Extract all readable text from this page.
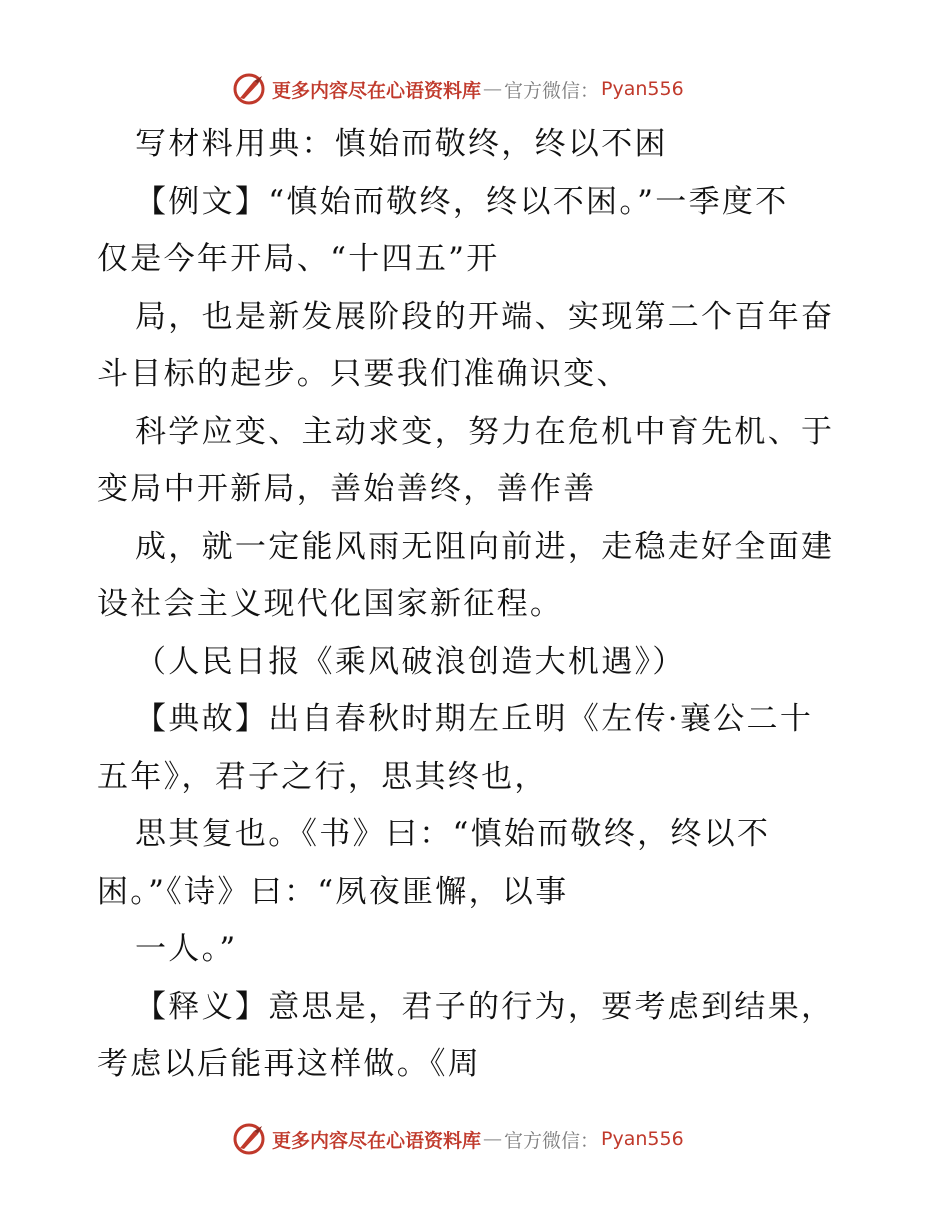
更多内容尽在心语资料库 — 官方微信： Pyan556
写材料用典：慎始而敬终，终以不困
【例文】“慎始而敬终，终以不困。”一季度不
仅是今年开局、“十四五”开
局，也是新发展阶段的开端、实现第二个百年奋
斗目标的起步。只要我们准确识变、
科学应变、主动求变，努力在危机中育先机、于
变局中开新局，善始善终，善作善
成，就一定能风雨无阻向前进，走稳走好全面建
设社会主义现代化国家新征程。
（人民日报《乘风破浪创造大机遇》）
【典故】出自春秋时期左丘明《左传·襄公二十
五年》，君子之行，思其终也，
思其复也。《书》曰：“慎始而敬终，终以不
困。”《诗》曰：“夙夜匪懈，以事
一人。”
【释义】意思是，君子的行为，要考虑到结果，
考虑以后能再这样做。《周
更多内容尽在心语资料库 — 官方微信： Pyan556
